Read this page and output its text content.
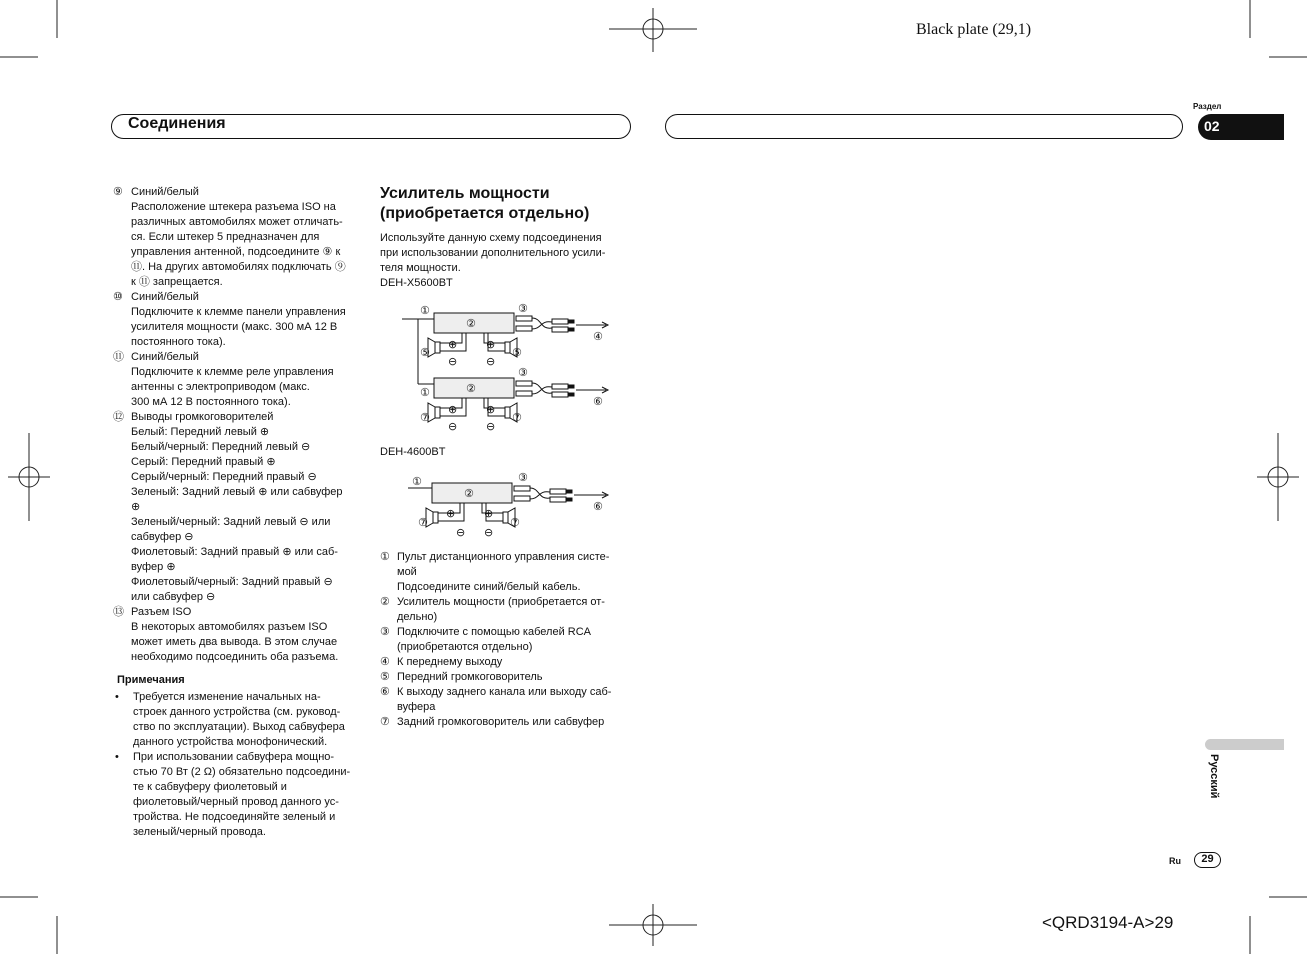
Black plate (29,1)
Соединения
Раздел
02
⑨ Синий/белый
Расположение штекера разъема ISO на
различных автомобилях может отличать-
ся. Если штекер 5 предназначен для
управления антенной, подсоедините ⑨ к
⑪. На других автомобилях подключать ⑨
к ⑪ запрещается.
⑩ Синий/белый
Подключите к клемме панели управления
усилителя мощности (макс. 300 мА 12 В
постоянного тока).
⑪ Синий/белый
Подключите к клемме реле управления
антенны с электроприводом (макс.
300 мА 12 В постоянного тока).
⑫ Выводы громкоговорителей
Белый: Передний левый ⊕
Белый/черный: Передний левый ⊖
Серый: Передний правый ⊕
Серый/черный: Передний правый ⊖
Зеленый: Задний левый ⊕ или сабвуфер
⊕
Зеленый/черный: Задний левый ⊖ или
сабвуфер ⊖
Фиолетовый: Задний правый ⊕ или саб-
вуфер ⊕
Фиолетовый/черный: Задний правый ⊖
или сабвуфер ⊖
⑬ Разъем ISO
В некоторых автомобилях разъем ISO
может иметь два вывода. В этом случае
необходимо подсоединить оба разъема.
Примечания
•	Требуется изменение начальных на-
строек данного устройства (см. руковод-
ство по эксплуатации). Выход сабвуфера
данного устройства монофонический.
•	При использовании сабвуфера мощно-
стью 70 Вт (2 Ω) обязательно подсоедини-
те к сабвуферу фиолетовый и
фиолетовый/черный провод данного ус-
тройства. Не подсоединяйте зеленый и
зеленый/черный провода.
Усилитель мощности
(приобретается отдельно)
Используйте данную схему подсоединения
при использовании дополнительного усили-
теля мощности.
DEH-X5600BT
①
②
③
④
⑤	⑤
⊕	⊕
⊖	⊖
③
①	②
⑥
⑦	⑦
⊕	⊕
⊖	⊖
DEH-4600BT
①
②
③
⑥
⑦	⑦
⊕	⊕
⊖ ⊖
① Пульт дистанционного управления систе-
мой
Подсоедините синий/белый кабель.
② Усилитель мощности (приобретается от-
дельно)
③ Подключите с помощью кабелей RCA
(приобретаются отдельно)
④ К переднему выходу
⑤ Передний громкоговоритель
⑥ К выходу заднего канала или выходу саб-
вуфера
⑦ Задний громкоговоритель или сабвуфер
Русский
Ru	29
<QRD3194-A>29
